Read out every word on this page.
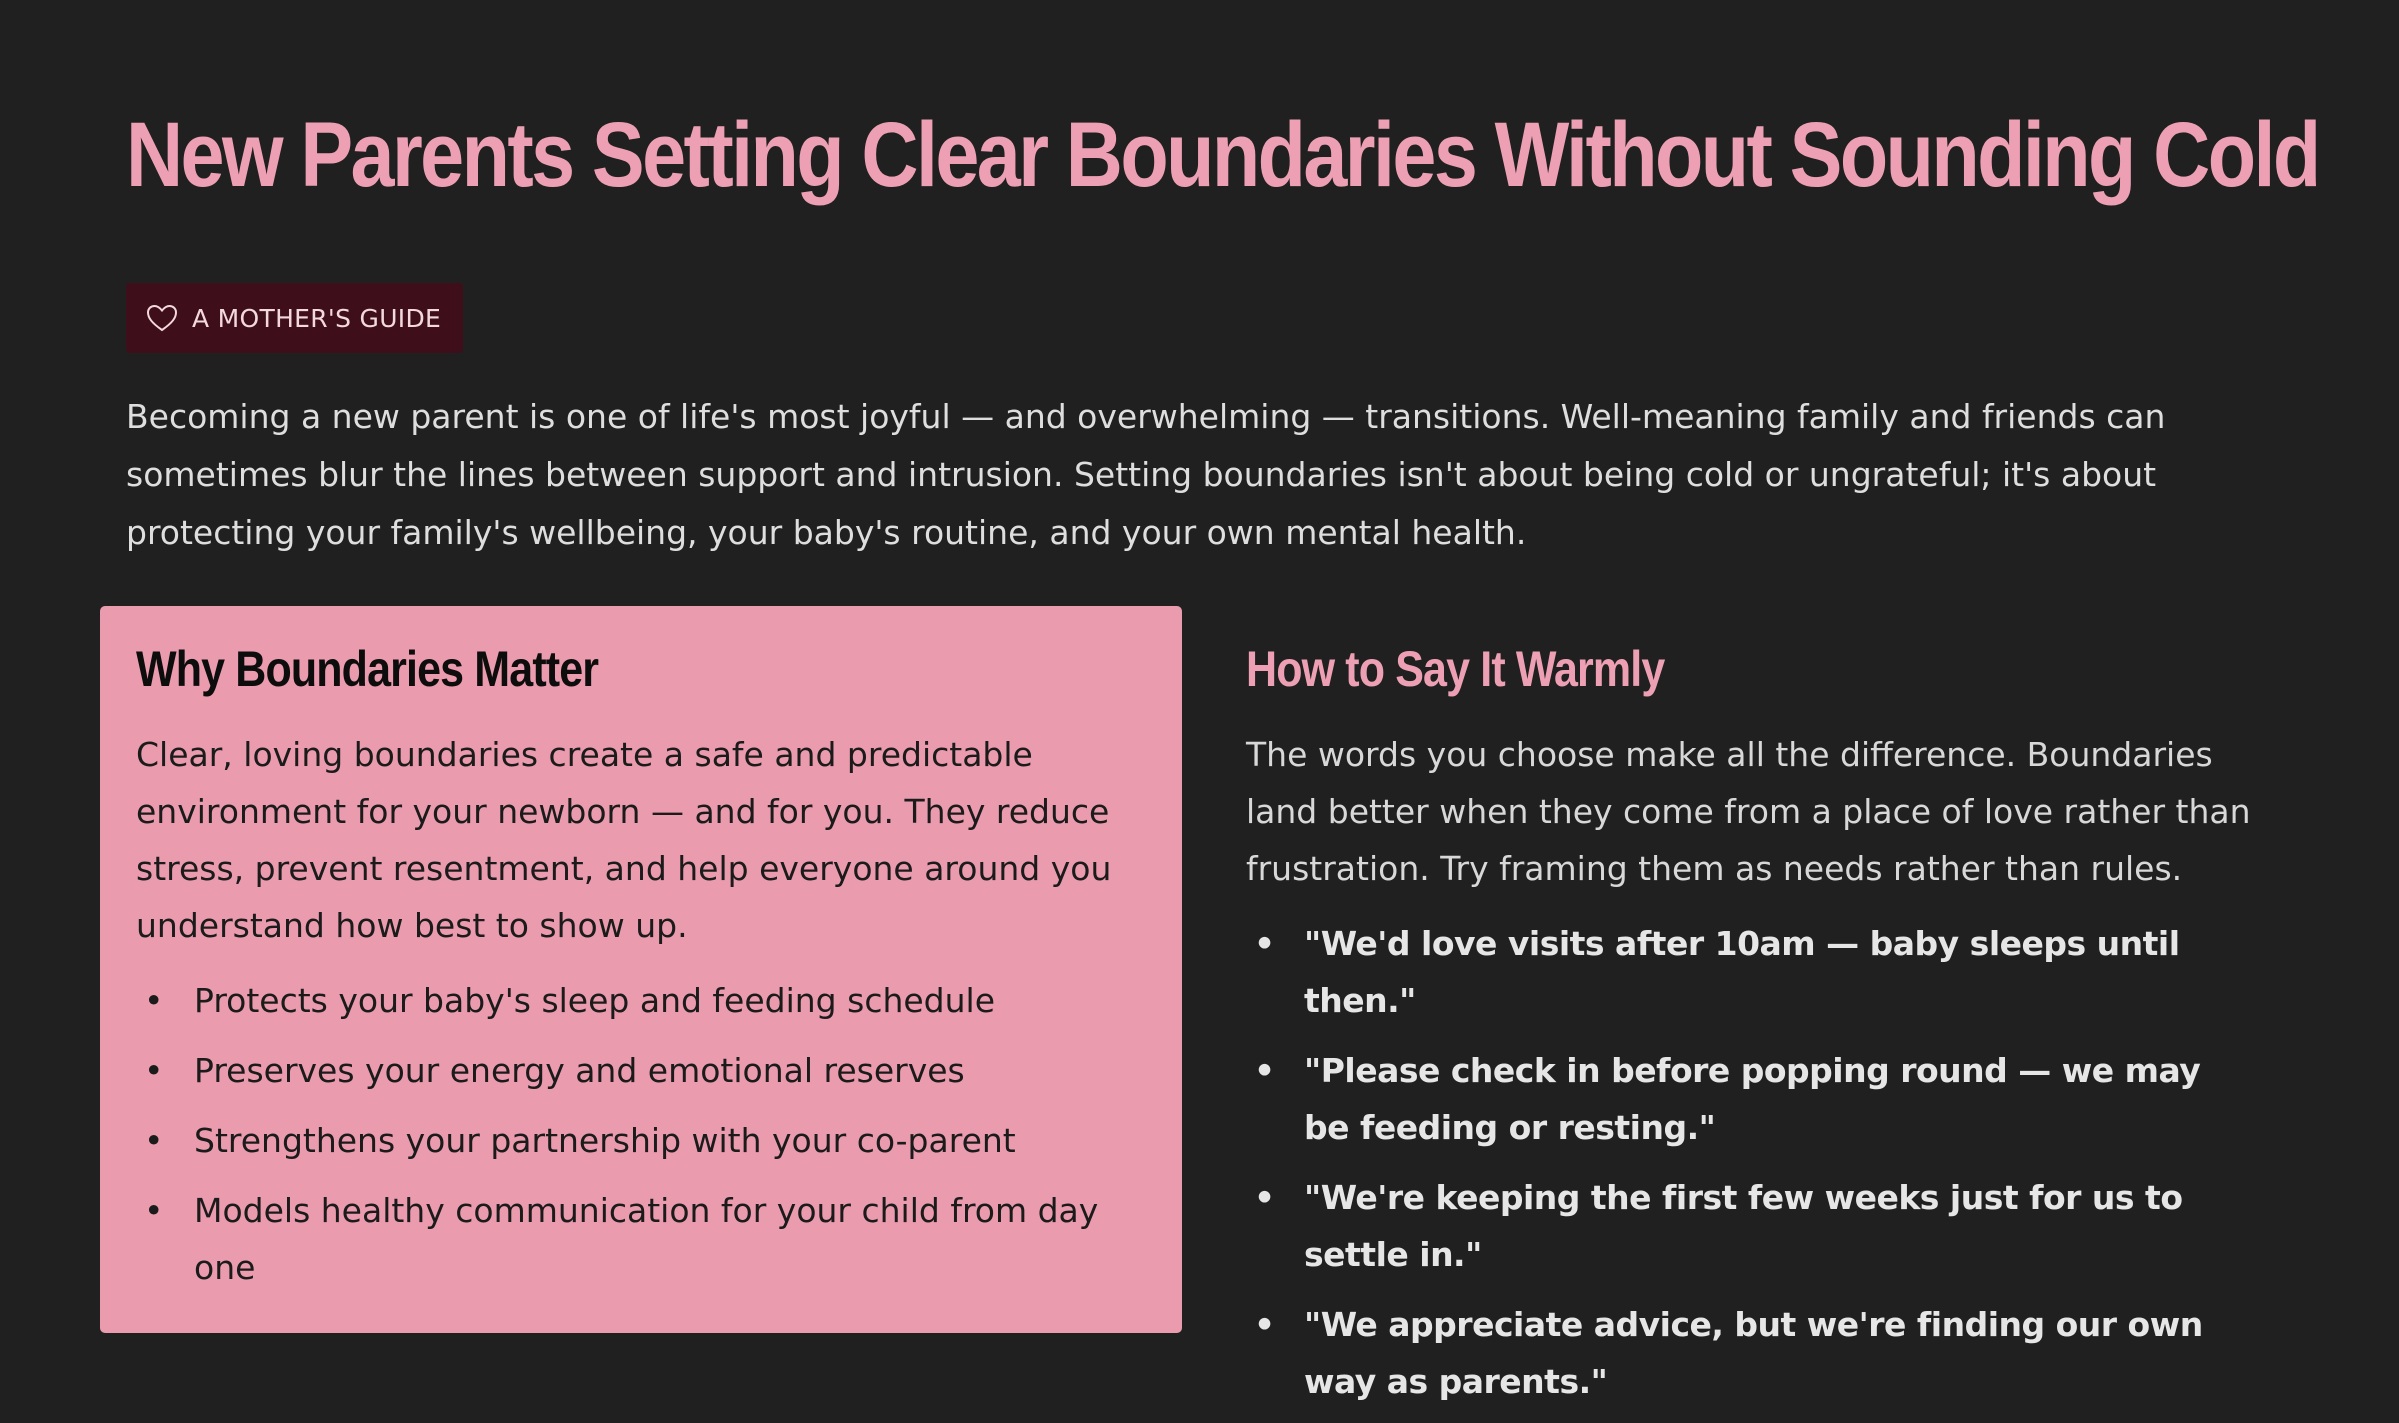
New Parents Setting Clear Boundaries Without Sounding Cold
A MOTHER'S GUIDE

Becoming a new parent is one of life's most joyful — and overwhelming — transitions. Well-meaning family and friends can sometimes blur the lines between support and intrusion. Setting boundaries isn't about being cold or ungrateful; it's about protecting your family's wellbeing, your baby's routine, and your own mental health.

Why Boundaries Matter

Clear, loving boundaries create a safe and predictable environment for your newborn — and for you. They reduce stress, prevent resentment, and help everyone around you understand how best to show up.

• Protects your baby's sleep and feeding schedule
• Preserves your energy and emotional reserves
• Strengthens your partnership with your co-parent
• Models healthy communication for your child from day one
How to Say It Warmly

The words you choose make all the difference. Boundaries land better when they come from a place of love rather than frustration. Try framing them as needs rather than rules.

• "We'd love visits after 10am — baby sleeps until then."
• "Please check in before popping round — we may be feeding or resting."
• "We're keeping the first few weeks just for us to settle in."
• "We appreciate advice, but we're finding our own way as parents."
